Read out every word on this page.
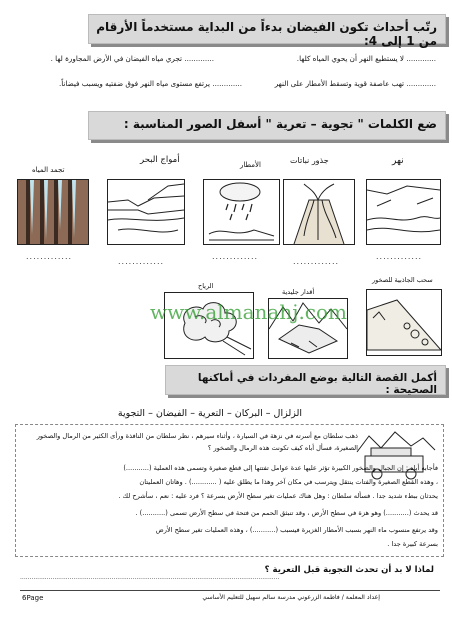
رتّب أحداث تكون الفيضان بدءاً من البداية مستخدماً الأرقام من 1 إلى 4:
............. لا يستطيع النهر أن يحوي المياه كلها.
............. تجري مياه الفيضان في الأرض المجاورة لها .
............. تهب عاصفة قوية وتسقط الأمطار على النهر
............. يرتفع مستوى مياه النهر فوق ضفتيه ويسبب فيضاناً.
ضع الكلمات " تجوية – تعرية " أسفل الصور المناسبة :
نهر
جذور نباتات
الأمطار
أمواج البحر
تجمد المياه
.............
.............
.............
.............
.............
سحب الجاذبية للصخور
أقدار جليدية
الرياح
www.almanahj.com
أكمل القصة التالية بوضع المفردات في أماكنها الصحيحة :
الزلزال – البركان – التعرية – الفيضان – التجوية
ذهب سلطان مع أسرته في نزهة في السيارة ، وأثناء سيرهم ، نظر سلطان من النافذة ورأى الكثير من الرمال والصخور
الصغيرة، فسأل أباه كيف تكونت هذه الرمال والصخور ؟
فأجابه أباه : إن الجبال والصخور الكبيرة تؤثر عليها عدة عوامل تفتتها إلى قطع صغيرة وتسمى هذه العملية (...........)
، وهذه القطع الصغيرة والفتات ينتقل ويترسب في مكان آخر وهذا ما يطلق عليه ( ............) . وهاتان العمليتان
يحدثان ببطء شديد جدا . فسأله سلطان : وهل هناك عمليات تغير سطح الأرض بسرعة ؟ فرد عليه : نعم ، سأشرح لك .
قد يحدث (...........) وهو هزة في سطح الأرض ، وقد تنبثق الحمم من فتحة في سطح الأرض تسمى (...........) .
وقد يرتفع منسوب ماء النهر بسبب الأمطار الغزيرة فيسبب (...........) ، وهذه العمليات تغير سطح الأرض
بسرعة كبيرة جدا .
لماذا لا بد أن تحدث التجوية قبل التعرية ؟
........................................................................................................................................
6Page	إعداد المعلمة / فاطمة الزرعوني مدرسة سالم سهيل للتعليم الأساسي
